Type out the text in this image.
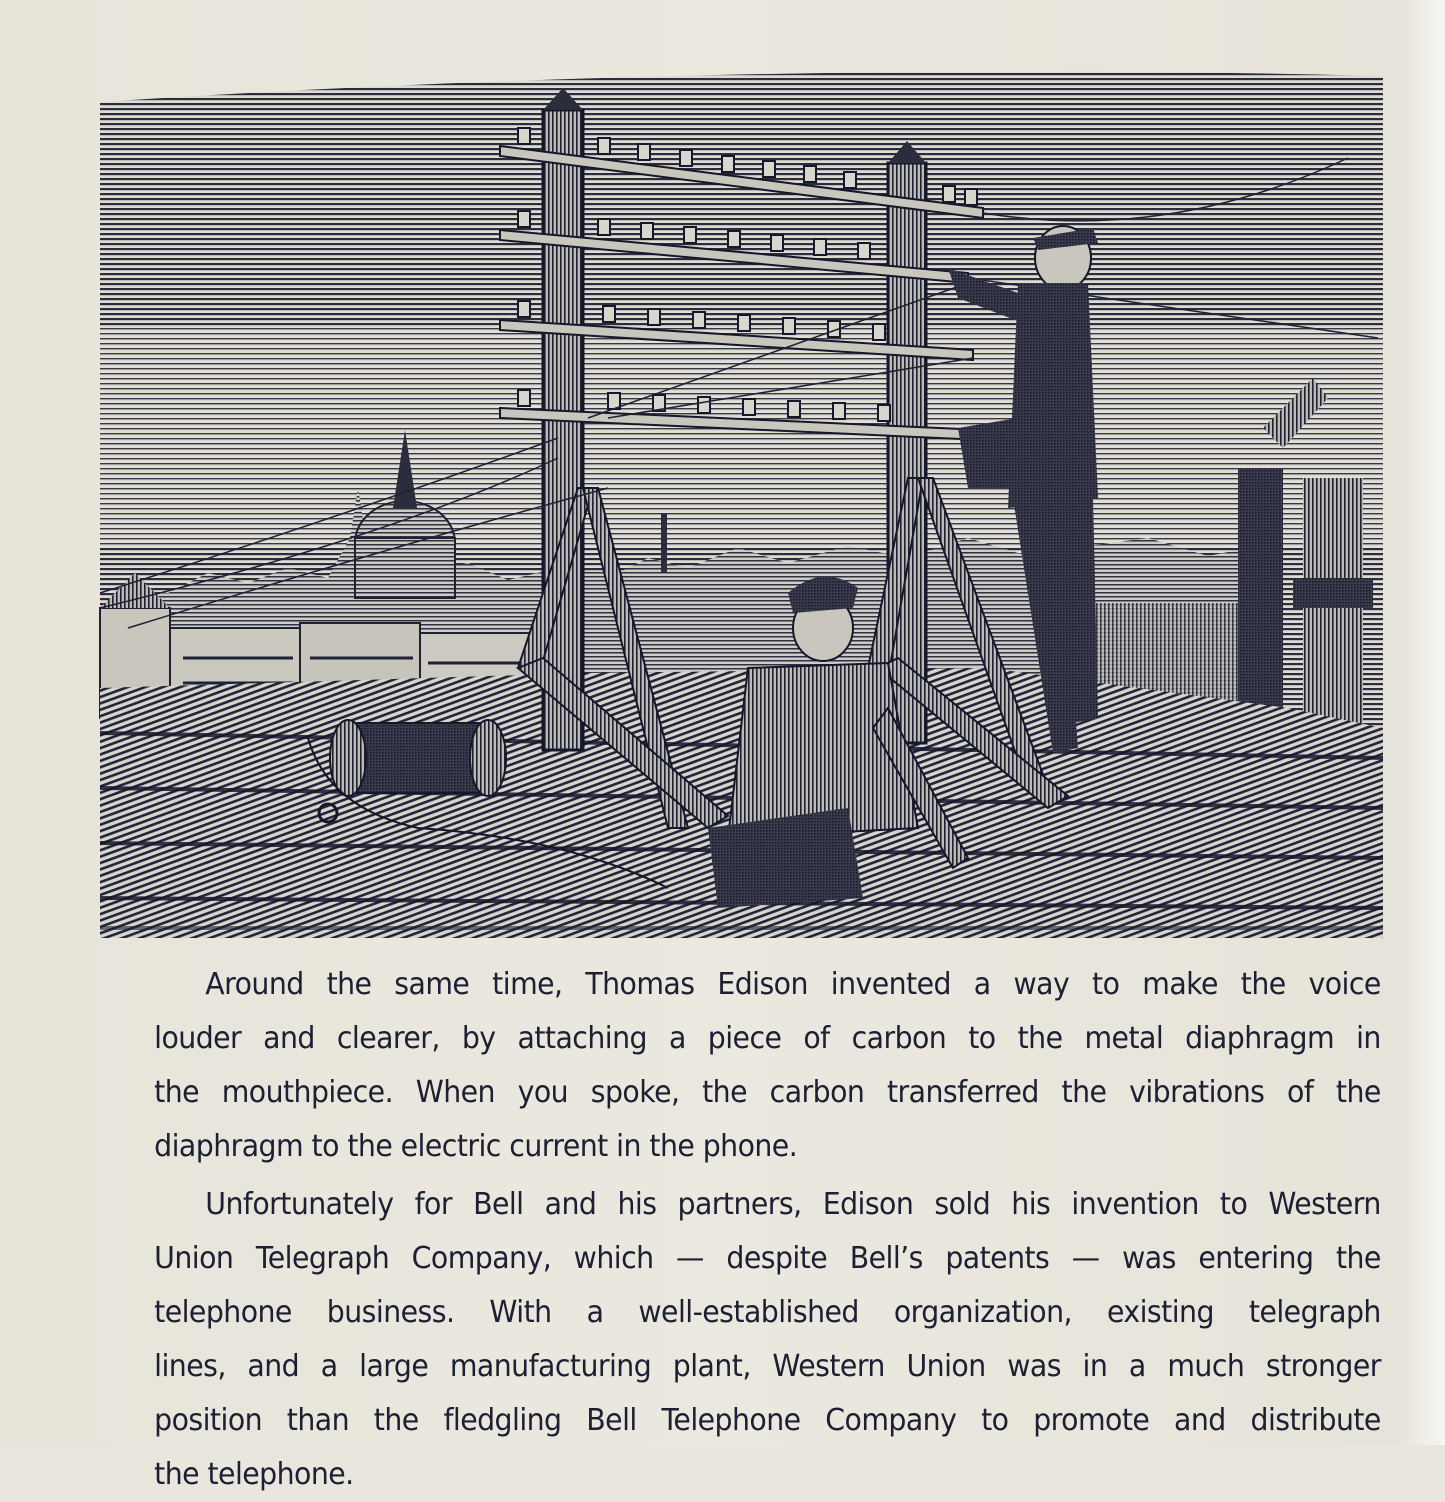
Around the same time, Thomas Edison invented a way to make the voice
louder and clearer, by attaching a piece of carbon to the metal diaphragm in
the mouthpiece. When you spoke, the carbon transferred the vibrations of the
diaphragm to the electric current in the phone.

Unfortunately for Bell and his partners, Edison sold his invention to Western
Union Telegraph Company, which — despite Bell’s patents — was entering the
telephone business. With a well-established organization, existing telegraph
lines, and a large manufacturing plant, Western Union was in a much stronger
position than the fledgling Bell Telephone Company to promote and distribute
the telephone.
